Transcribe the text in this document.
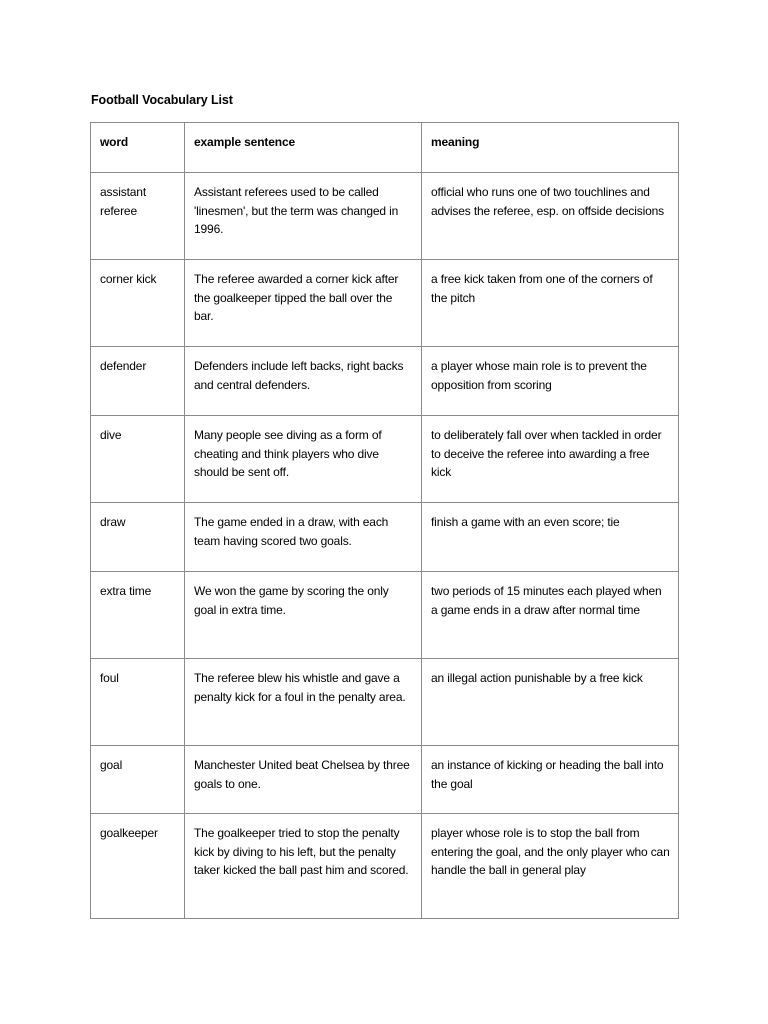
Football Vocabulary List
word	example sentence	meaning
assistant referee	Assistant referees used to be called 'linesmen', but the term was changed in 1996.	official who runs one of two touchlines and advises the referee, esp. on offside decisions
corner kick	The referee awarded a corner kick after the goalkeeper tipped the ball over the bar.	a free kick taken from one of the corners of the pitch
defender	Defenders include left backs, right backs and central defenders.	a player whose main role is to prevent the opposition from scoring
dive	Many people see diving as a form of cheating and think players who dive should be sent off.	to deliberately fall over when tackled in order to deceive the referee into awarding a free kick
draw	The game ended in a draw, with each team having scored two goals.	finish a game with an even score; tie
extra time	We won the game by scoring the only goal in extra time.	two periods of 15 minutes each played when a game ends in a draw after normal time
foul	The referee blew his whistle and gave a penalty kick for a foul in the penalty area.	an illegal action punishable by a free kick
goal	Manchester United beat Chelsea by three goals to one.	an instance of kicking or heading the ball into the goal
goalkeeper	The goalkeeper tried to stop the penalty kick by diving to his left, but the penalty taker kicked the ball past him and scored.	player whose role is to stop the ball from entering the goal, and the only player who can handle the ball in general play
